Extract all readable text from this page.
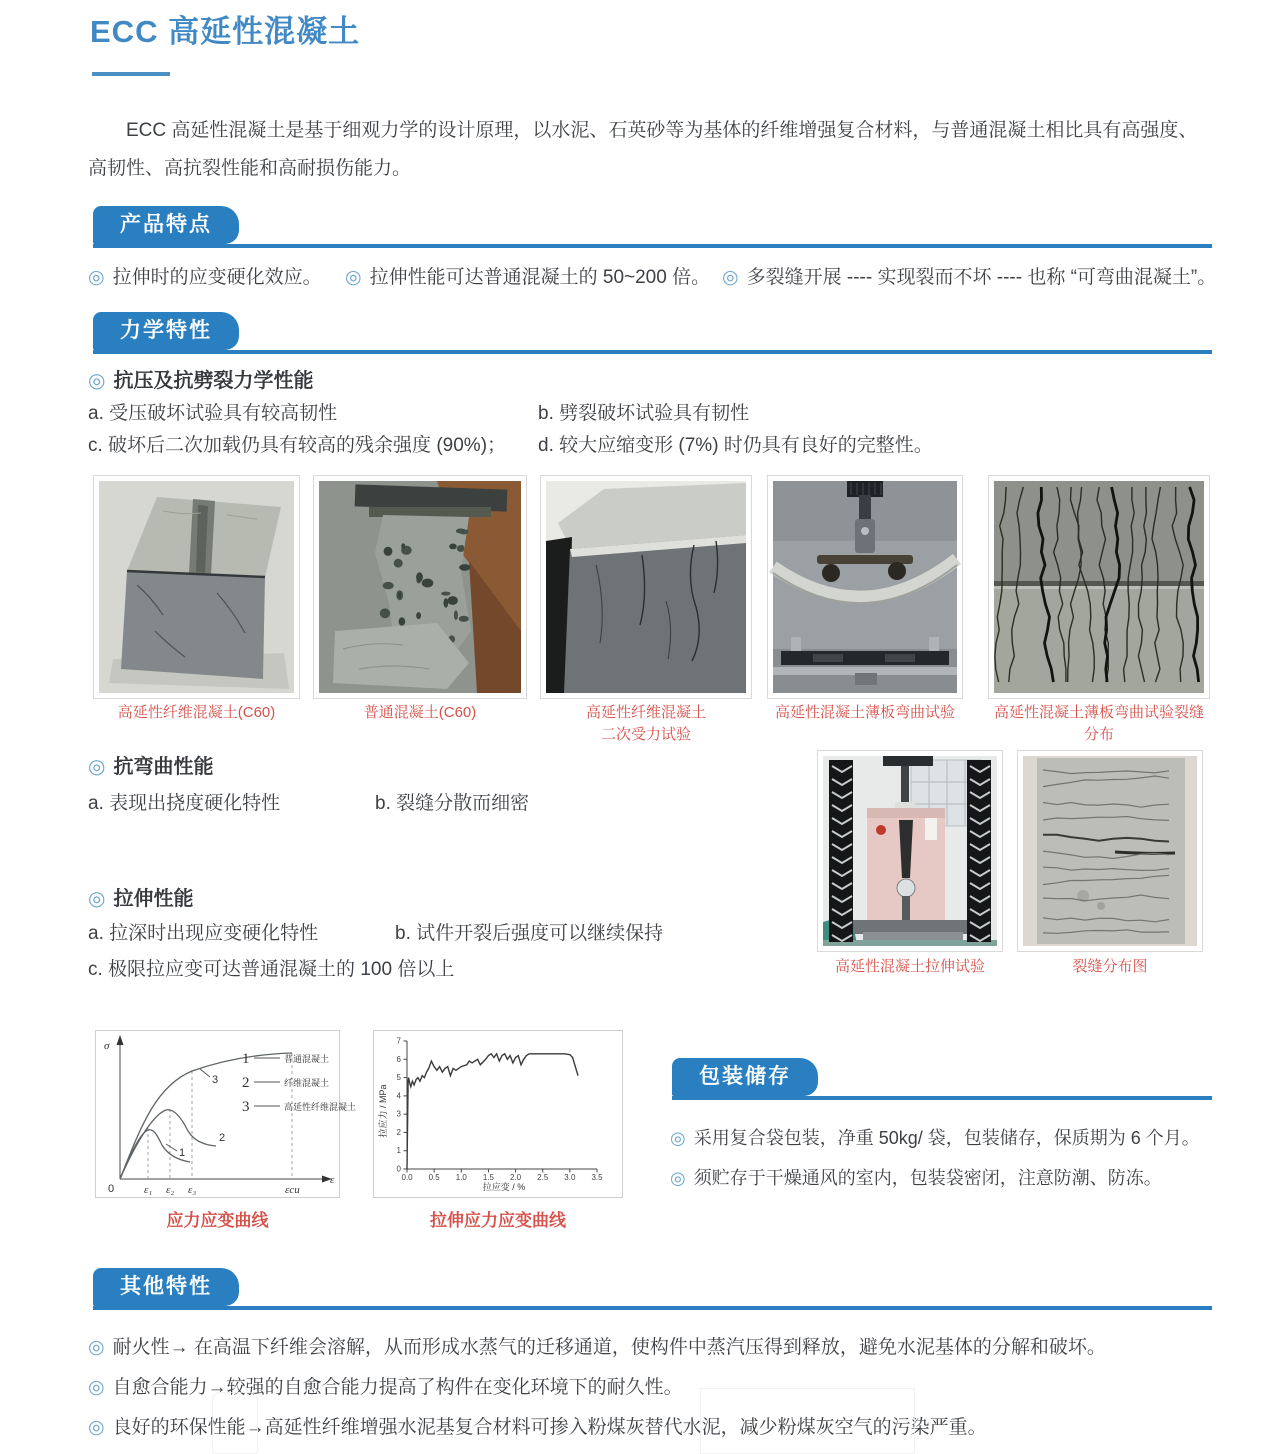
ECC 高延性混凝土

ECC 高延性混凝土是基于细观力学的设计原理，以水泥、石英砂等为基体的纤维增强复合材料，与普通混凝土相比具有高强度、高韧性、高抗裂性能和高耐损伤能力。

产品特点
◎ 拉伸时的应变硬化效应。 ◎ 拉伸性能可达普通混凝土的 50~200 倍。 ◎ 多裂缝开展 ---- 实现裂而不坏 ---- 也称 “可弯曲混凝土”。
力学特性
◎ 抗压及抗劈裂力学性能
a. 受压破坏试验具有较高韧性	b. 劈裂破坏试验具有韧性
c. 破坏后二次加载仍具有较高的残余强度 (90%)； d. 较大应缩变形 (7%) 时仍具有良好的完整性。
高延性纤维混凝土(C60)	普通混凝土(C60)	高延性纤维混凝土
二次受力试验
高延性混凝土薄板弯曲试验	高延性混凝土薄板弯曲试验裂缝分布
◎ 抗弯曲性能
a. 表现出挠度硬化特性	b. 裂缝分散而细密
高延性混凝土拉伸试验	裂缝分布图
◎ 拉伸性能
a. 拉深时出现应变硬化特性	b. 试件开裂后强度可以继续保持
c. 极限拉应变可达普通混凝土的 100 倍以上
3
2
1
σ
ε
0	ε₁ ε₂ ε₃	εcu
1	普通混凝土
2	纤维混凝土
3	高延性纤维混凝土
应力应变曲线
拉应力 / MPa
拉应变 / %
0.0 0.5 1.0 1.5 2.0 2.5 3.0 3.5
0
1
2
3
4
5
6
7
拉伸应力应变曲线
包装储存
◎ 采用复合袋包装，净重 50kg/ 袋，包装储存，保质期为 6 个月。
◎ 须贮存于干燥通风的室内，包装袋密闭，注意防潮、防冻。
其他特性
◎ 耐火性→ 在高温下纤维会溶解，从而形成水蒸气的迁移通道，使构件中蒸汽压得到释放，避免水泥基体的分解和破坏。
◎ 自愈合能力→较强的自愈合能力提高了构件在变化环境下的耐久性。
◎ 良好的环保性能→高延性纤维增强水泥基复合材料可掺入粉煤灰替代水泥，减少粉煤灰空气的污染严重。
